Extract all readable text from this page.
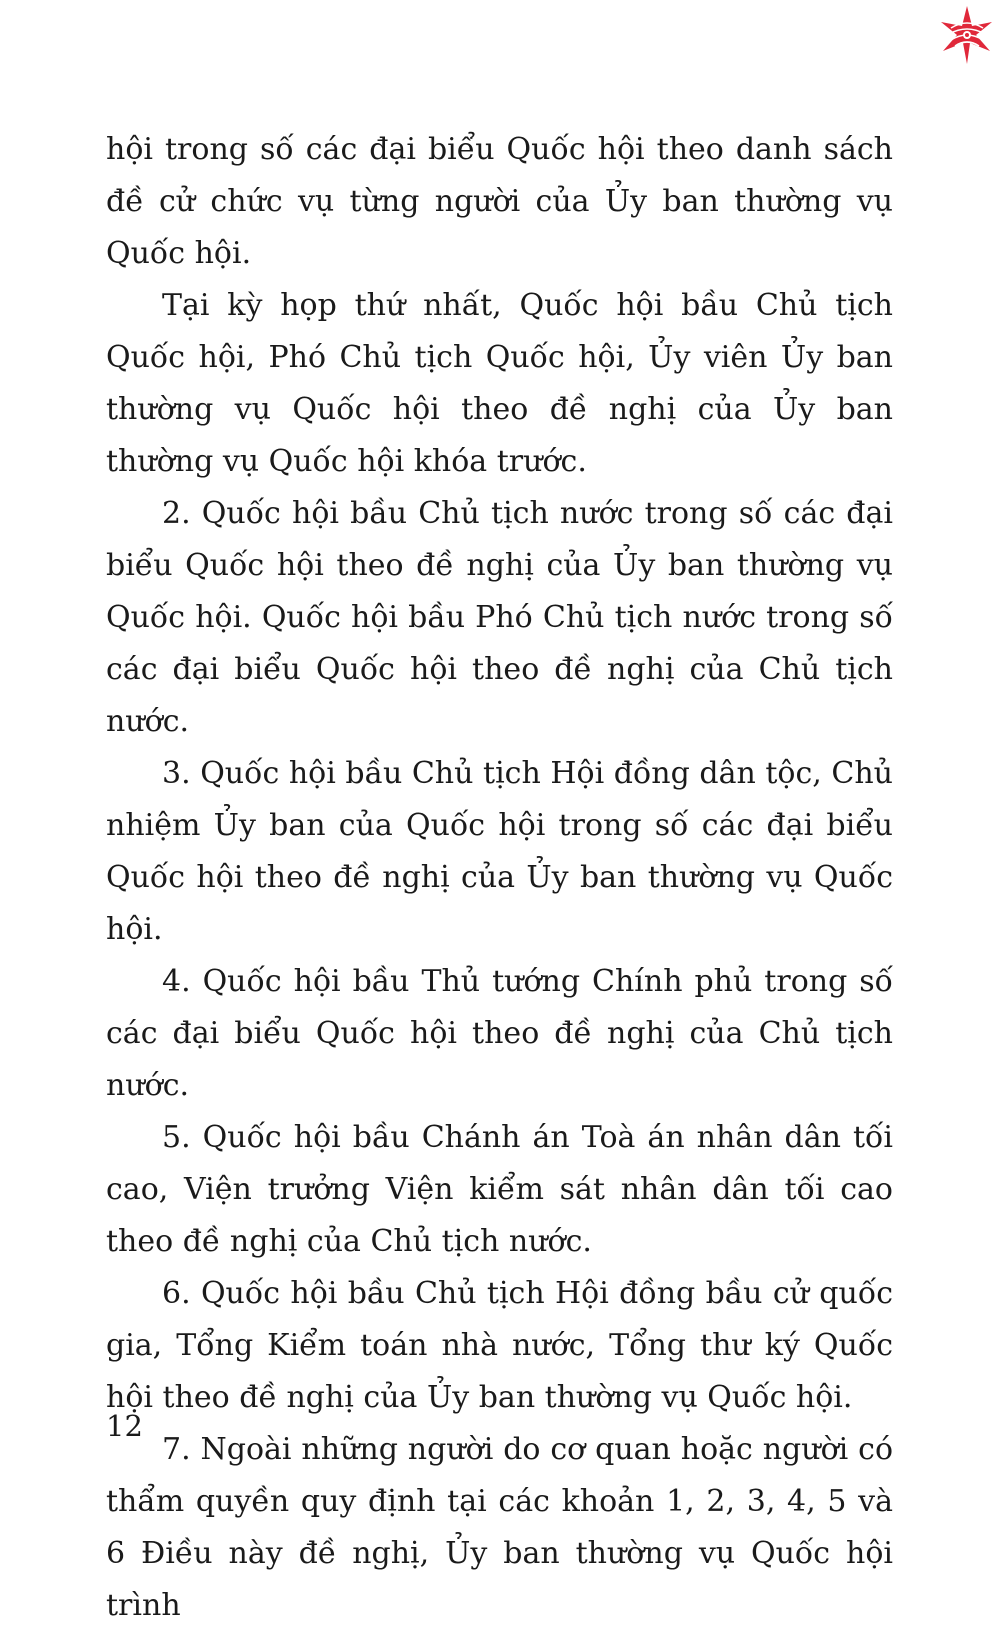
hội trong số các đại biểu Quốc hội theo danh sách đề cử chức vụ từng người của Ủy ban thường vụ Quốc hội.

Tại kỳ họp thứ nhất, Quốc hội bầu Chủ tịch Quốc hội, Phó Chủ tịch Quốc hội, Ủy viên Ủy ban thường vụ Quốc hội theo đề nghị của Ủy ban thường vụ Quốc hội khóa trước.

2. Quốc hội bầu Chủ tịch nước trong số các đại biểu Quốc hội theo đề nghị của Ủy ban thường vụ Quốc hội. Quốc hội bầu Phó Chủ tịch nước trong số các đại biểu Quốc hội theo đề nghị của Chủ tịch nước.

3. Quốc hội bầu Chủ tịch Hội đồng dân tộc, Chủ nhiệm Ủy ban của Quốc hội trong số các đại biểu Quốc hội theo đề nghị của Ủy ban thường vụ Quốc hội.

4. Quốc hội bầu Thủ tướng Chính phủ trong số các đại biểu Quốc hội theo đề nghị của Chủ tịch nước.

5. Quốc hội bầu Chánh án Toà án nhân dân tối cao, Viện trưởng Viện kiểm sát nhân dân tối cao theo đề nghị của Chủ tịch nước.

6. Quốc hội bầu Chủ tịch Hội đồng bầu cử quốc gia, Tổng Kiểm toán nhà nước, Tổng thư ký Quốc hội theo đề nghị của Ủy ban thường vụ Quốc hội.

7. Ngoài những người do cơ quan hoặc người có thẩm quyền quy định tại các khoản 1, 2, 3, 4, 5 và 6 Điều này đề nghị, Ủy ban thường vụ Quốc hội trình

12
